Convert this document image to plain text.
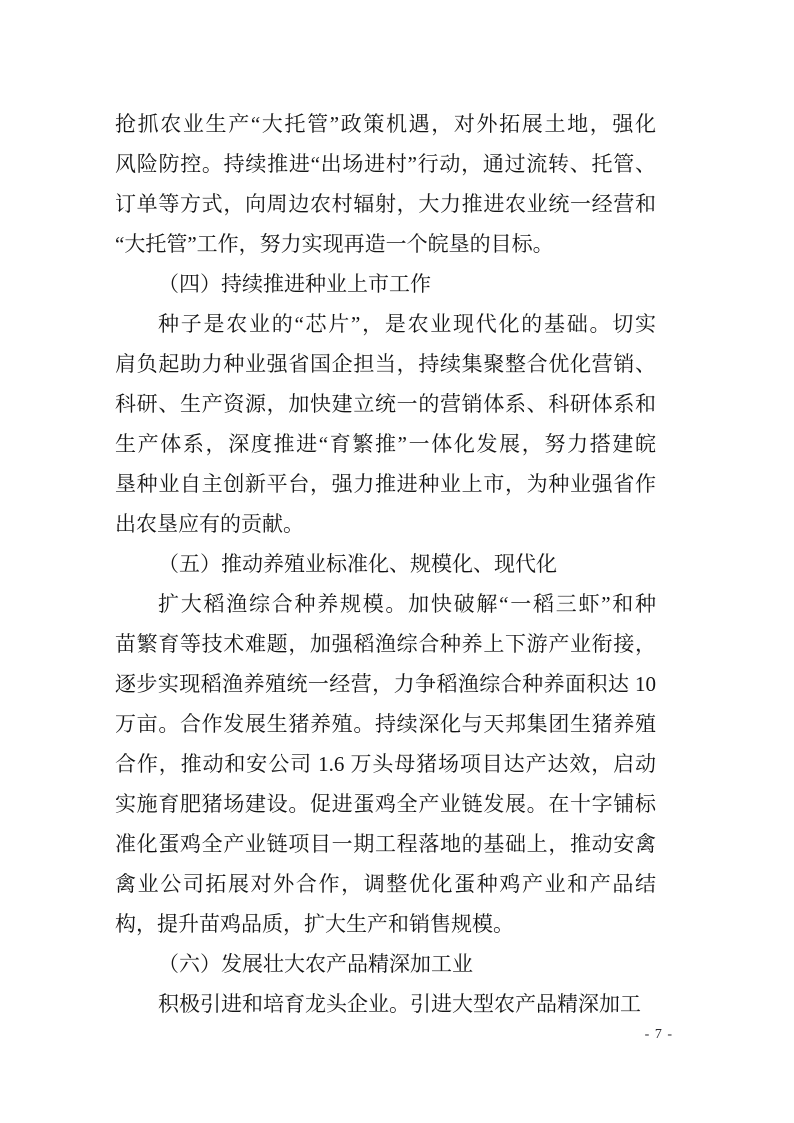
抢抓农业生产“大托管”政策机遇，对外拓展土地，强化
风险防控。持续推进“出场进村”行动，通过流转、托管、
订单等方式，向周边农村辐射，大力推进农业统一经营和
“大托管”工作，努力实现再造一个皖垦的目标。
（四）持续推进种业上市工作
种子是农业的“芯片”，是农业现代化的基础。切实
肩负起助力种业强省国企担当，持续集聚整合优化营销、
科研、生产资源，加快建立统一的营销体系、科研体系和
生产体系，深度推进“育繁推”一体化发展，努力搭建皖
垦种业自主创新平台，强力推进种业上市，为种业强省作
出农垦应有的贡献。
（五）推动养殖业标准化、规模化、现代化
扩大稻渔综合种养规模。加快破解“一稻三虾”和种
苗繁育等技术难题，加强稻渔综合种养上下游产业衔接，
逐步实现稻渔养殖统一经营，力争稻渔综合种养面积达 10
万亩。合作发展生猪养殖。持续深化与天邦集团生猪养殖
合作，推动和安公司 1.6 万头母猪场项目达产达效，启动
实施育肥猪场建设。促进蛋鸡全产业链发展。在十字铺标
准化蛋鸡全产业链项目一期工程落地的基础上，推动安禽
禽业公司拓展对外合作，调整优化蛋种鸡产业和产品结
构，提升苗鸡品质，扩大生产和销售规模。
（六）发展壮大农产品精深加工业
积极引进和培育龙头企业。引进大型农产品精深加工
- 7 -
